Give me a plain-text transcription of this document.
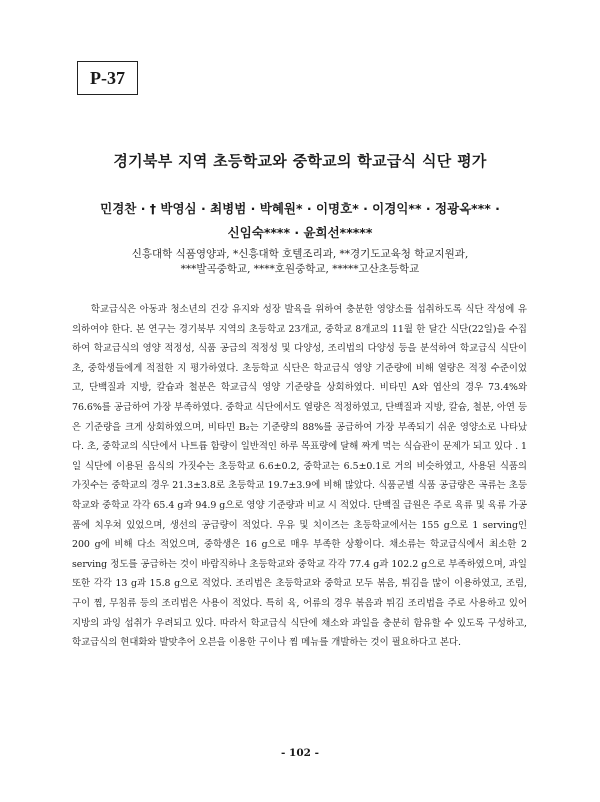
P-37
경기북부 지역 초등학교와 중학교의 학교급식 식단 평가
민경찬 · † 박영심 · 최병범 · 박혜원* · 이명호* · 이경익** · 정광옥*** ·
신임숙**** · 윤희선*****
신흥대학 식품영양과, *신흥대학 호텔조리과, **경기도교육청 학교지원과,
***발곡중학교, ****호원중학교, *****고산초등학교

학교급식은 아동과 청소년의 건강 유지와 성장 발육을 위하여 충분한 영양소를 섭취하도록 식단 작성에 유의하여야 한다. 본 연구는 경기북부 지역의 초등학교 23개교, 중학교 8개교의 11월 한 달간 식단(22일)을 수집하여 학교급식의 영양 적정성, 식품 공급의 적정성 및 다양성, 조리법의 다양성 등을 분석하여 학교급식 식단이 초, 중학생들에게 적절한 지 평가하였다. 초등학교 식단은 학교급식 영양 기준량에 비해 열량은 적정 수준이었고, 단백질과 지방, 칼슘과 철분은 학교급식 영양 기준량을 상회하였다. 비타민 A와 엽산의 경우 73.4%와 76.6%를 공급하여 가장 부족하였다. 중학교 식단에서도 열량은 적정하였고, 단백질과 지방, 칼슘, 철분, 아연 등은 기준량을 크게 상회하였으며, 비타민 B₂는 기준량의 88%를 공급하여 가장 부족되기 쉬운 영양소로 나타났다. 초, 중학교의 식단에서 나트륨 함량이 일반적인 하루 목표량에 달해 짜게 먹는 식습관이 문제가 되고 있다 . 1일 식단에 이용된 음식의 가짓수는 초등학교 6.6±0.2, 중학교는 6.5±0.1로 거의 비슷하였고, 사용된 식품의 가짓수는 중학교의 경우 21.3±3.8로 초등학교 19.7±3.9에 비해 많았다. 식품군별 식품 공급량은 곡류는 초등학교와 중학교 각각 65.4 g과 94.9 g으로 영양 기준량과 비교 시 적었다. 단백질 급원은 주로 육류 및 육류 가공품에 치우쳐 있었으며, 생선의 공급량이 적었다. 우유 및 치이즈는 초등학교에서는 155 g으로 1 serving인 200 g에 비해 다소 적었으며, 중학생은 16 g으로 매우 부족한 상황이다. 채소류는 학교급식에서 최소한 2 serving 정도를 공급하는 것이 바람직하나 초등학교와 중학교 각각 77.4 g과 102.2 g으로 부족하였으며, 과일 또한 각각 13 g과 15.8 g으로 적었다. 조리법은 초등학교와 중학교 모두 볶음, 튀김을 많이 이용하였고, 조림, 구이 찜, 무침류 등의 조리법은 사용이 적었다. 특히 육, 어류의 경우 볶음과 튀김 조리법을 주로 사용하고 있어 지방의 과잉 섭취가 우려되고 있다. 따라서 학교급식 식단에 채소와 과일을 충분히 함유할 수 있도록 구성하고, 학교급식의 현대화와 발맞추어 오븐을 이용한 구이나 찜 메뉴를 개발하는 것이 필요하다고 본다.

- 102 -
